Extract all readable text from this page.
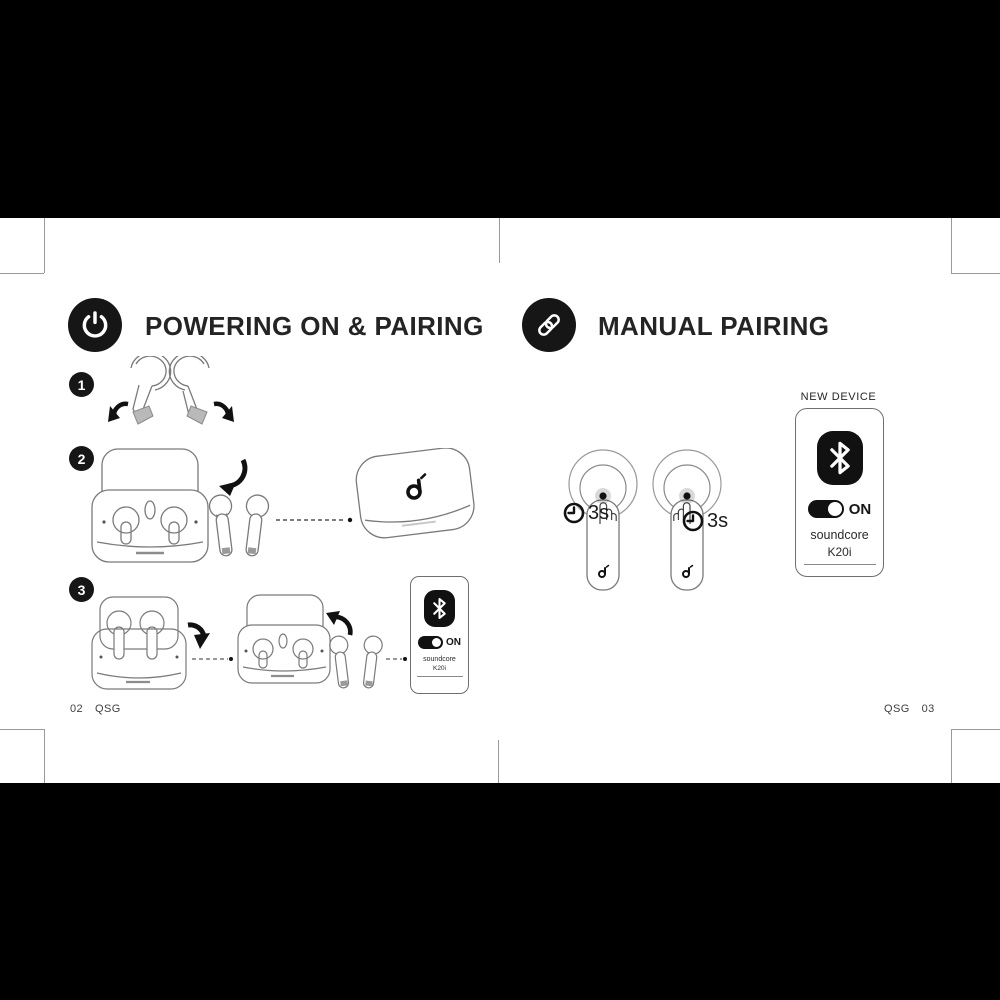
POWERING ON & PAIRING
1
2
3
ON
soundcore
K20i
02 QSG
MANUAL PAIRING
3s	3s
NEW DEVICE
ON
soundcore
K20i
QSG 03
